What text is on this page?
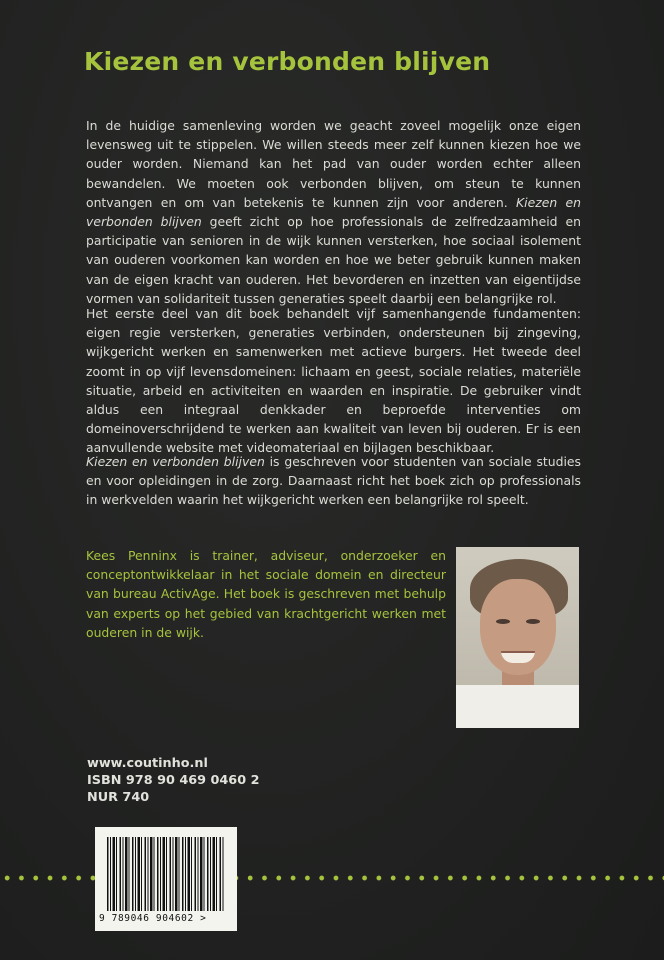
Kiezen en verbonden blijven

In de huidige samenleving worden we geacht zoveel mogelijk onze eigen levensweg uit te stippelen. We willen steeds meer zelf kunnen kiezen hoe we ouder worden. Niemand kan het pad van ouder worden echter alleen bewandelen. We moeten ook verbonden blijven, om steun te kunnen ontvangen en om van betekenis te kunnen zijn voor anderen. Kiezen en verbonden blijven geeft zicht op hoe professionals de zelfredzaamheid en participatie van senioren in de wijk kunnen versterken, hoe sociaal isolement van ouderen voorkomen kan worden en hoe we beter gebruik kunnen maken van de eigen kracht van ouderen. Het bevorderen en inzetten van eigentijdse vormen van solidariteit tussen generaties speelt daarbij een belangrijke rol.

Het eerste deel van dit boek behandelt vijf samenhangende fundamenten: eigen regie versterken, generaties verbinden, ondersteunen bij zingeving, wijkgericht werken en samenwerken met actieve burgers. Het tweede deel zoomt in op vijf levensdomeinen: lichaam en geest, sociale relaties, materiële situatie, arbeid en activiteiten en waarden en inspiratie. De gebruiker vindt aldus een integraal denkkader en beproefde interventies om domeinoverschrijdend te werken aan kwaliteit van leven bij ouderen. Er is een aanvullende website met videomateriaal en bijlagen beschikbaar.

Kiezen en verbonden blijven is geschreven voor studenten van sociale studies en voor opleidingen in de zorg. Daarnaast richt het boek zich op professionals in werkvelden waarin het wijkgericht werken een belangrijke rol speelt.

Kees Penninx is trainer, adviseur, onderzoeker en conceptontwikkelaar in het sociale domein en directeur van bureau ActivAge. Het boek is geschreven met behulp van experts op het gebied van krachtgericht werken met ouderen in de wijk.

www.coutinho.nl

ISBN 978 90 469 0460 2

NUR 740

9 789046 904602 >
